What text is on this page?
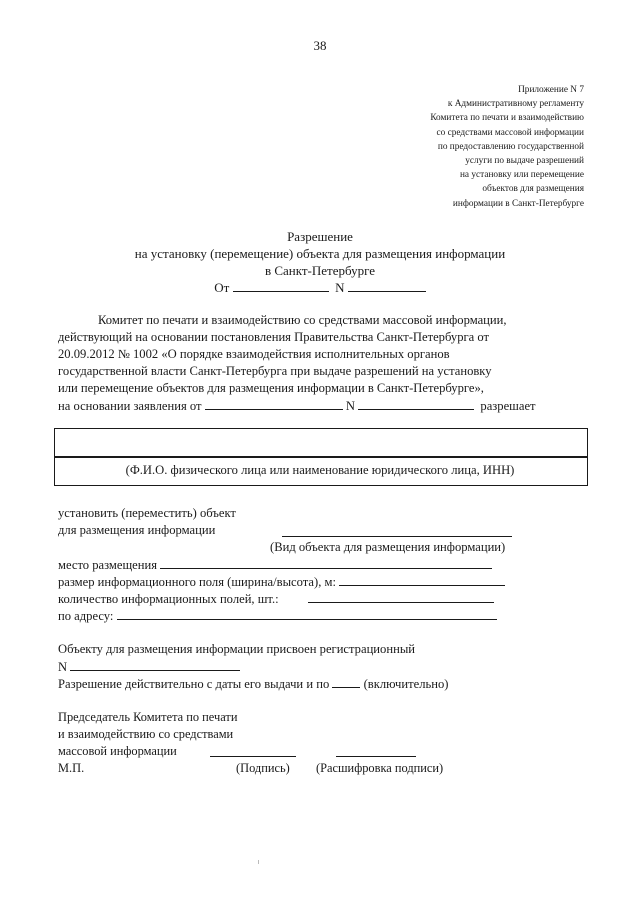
38
Приложение N 7
к Административному регламенту
Комитета по печати и взаимодействию
со средствами массовой информации
по предоставлению государственной
услуги по выдаче разрешений
на установку или перемещение
объектов для размещения
информации в Санкт-Петербурге
Разрешение
на установку (перемещение) объекта для размещения информации
в Санкт-Петербурге
От	N
Комитет по печати и взаимодействию со средствами массовой информации,
действующий на основании постановления Правительства Санкт-Петербурга от
20.09.2012 № 1002 «О порядке взаимодействия исполнительных органов
государственной власти Санкт-Петербурга при выдаче разрешений на установку
или перемещение объектов для размещения информации в Санкт-Петербурге»,
на основании заявления от	N	разрешает
(Ф.И.О. физического лица или наименование юридического лица, ИНН)
установить (переместить) объект
для размещения информации
(Вид объекта для размещения информации)
место размещения
размер информационного поля (ширина/высота), м:
количество информационных полей, шт.:
по адресу:
Объекту для размещения информации присвоен регистрационный
N
Разрешение действительно с даты его выдачи и по	(включительно)
Председатель Комитета по печати
и взаимодействию со средствами
массовой информации
М.П.	(Подпись) (Расшифровка подписи)
